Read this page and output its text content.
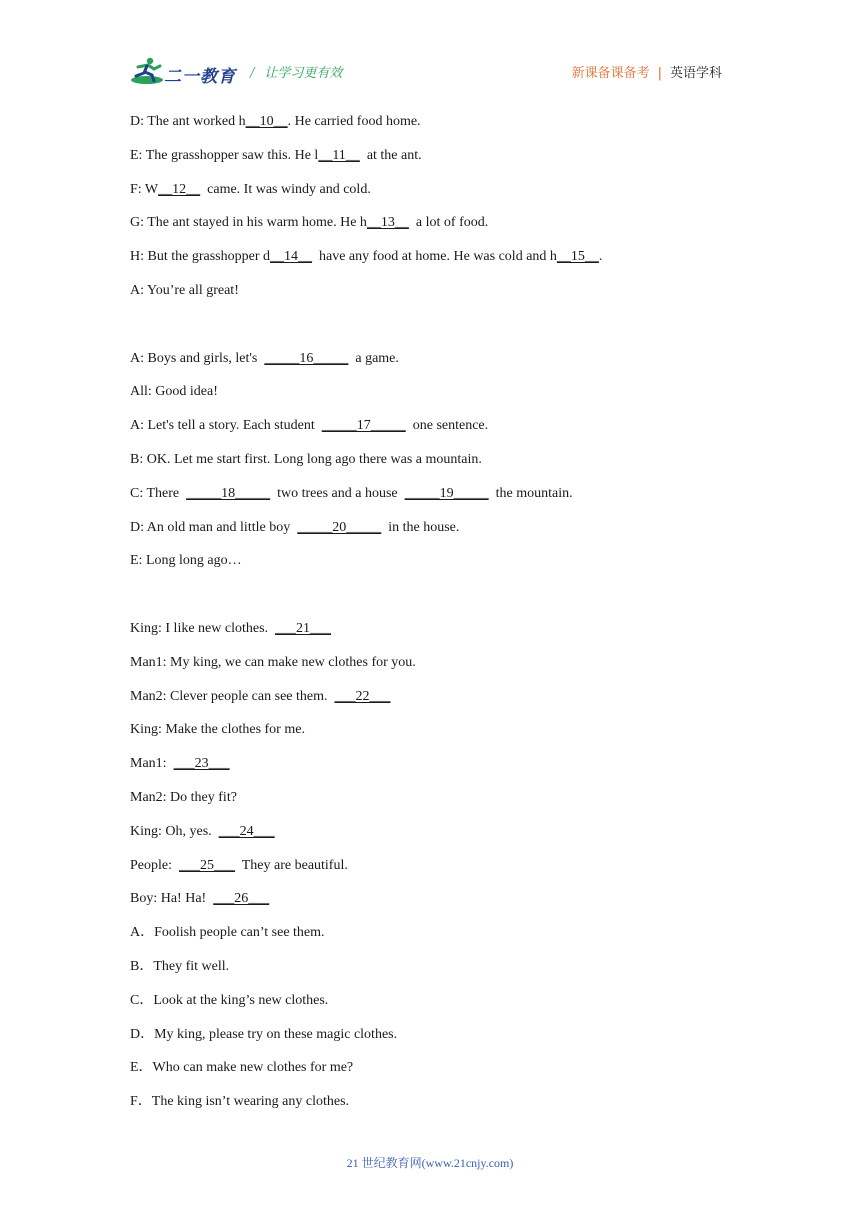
二一教育 / 让学习更有效	新课备课备考 | 英语学科
D: The ant worked h__10__. He carried food home.
E: The grasshopper saw this. He l__11__  at the ant.
F: W__12__  came. It was windy and cold.
G: The ant stayed in his warm home. He h__13__  a lot of food.
H: But the grasshopper d__14__  have any food at home. He was cold and h__15__.
A: You’re all great!
A: Boys and girls, let's  _____16_____  a game.
All: Good idea!
A: Let's tell a story. Each student  _____17_____  one sentence.
B: OK. Let me start first. Long long ago there was a mountain.
C: There  _____18_____  two trees and a house  _____19_____  the mountain.
D: An old man and little boy  _____20_____  in the house.
E: Long long ago…
King: I like new clothes.  ___21___
Man1: My king, we can make new clothes for you.
Man2: Clever people can see them.  ___22___
King: Make the clothes for me.
Man1:  ___23___
Man2: Do they fit?
King: Oh, yes.  ___24___
People:  ___25___  They are beautiful.
Boy: Ha! Ha!  ___26___
A．Foolish people can’t see them.
B．They fit well.
C．Look at the king’s new clothes.
D．My king, please try on these magic clothes.
E．Who can make new clothes for me?
F．The king isn’t wearing any clothes.
21 世纪教育网(www.21cnjy.com)
